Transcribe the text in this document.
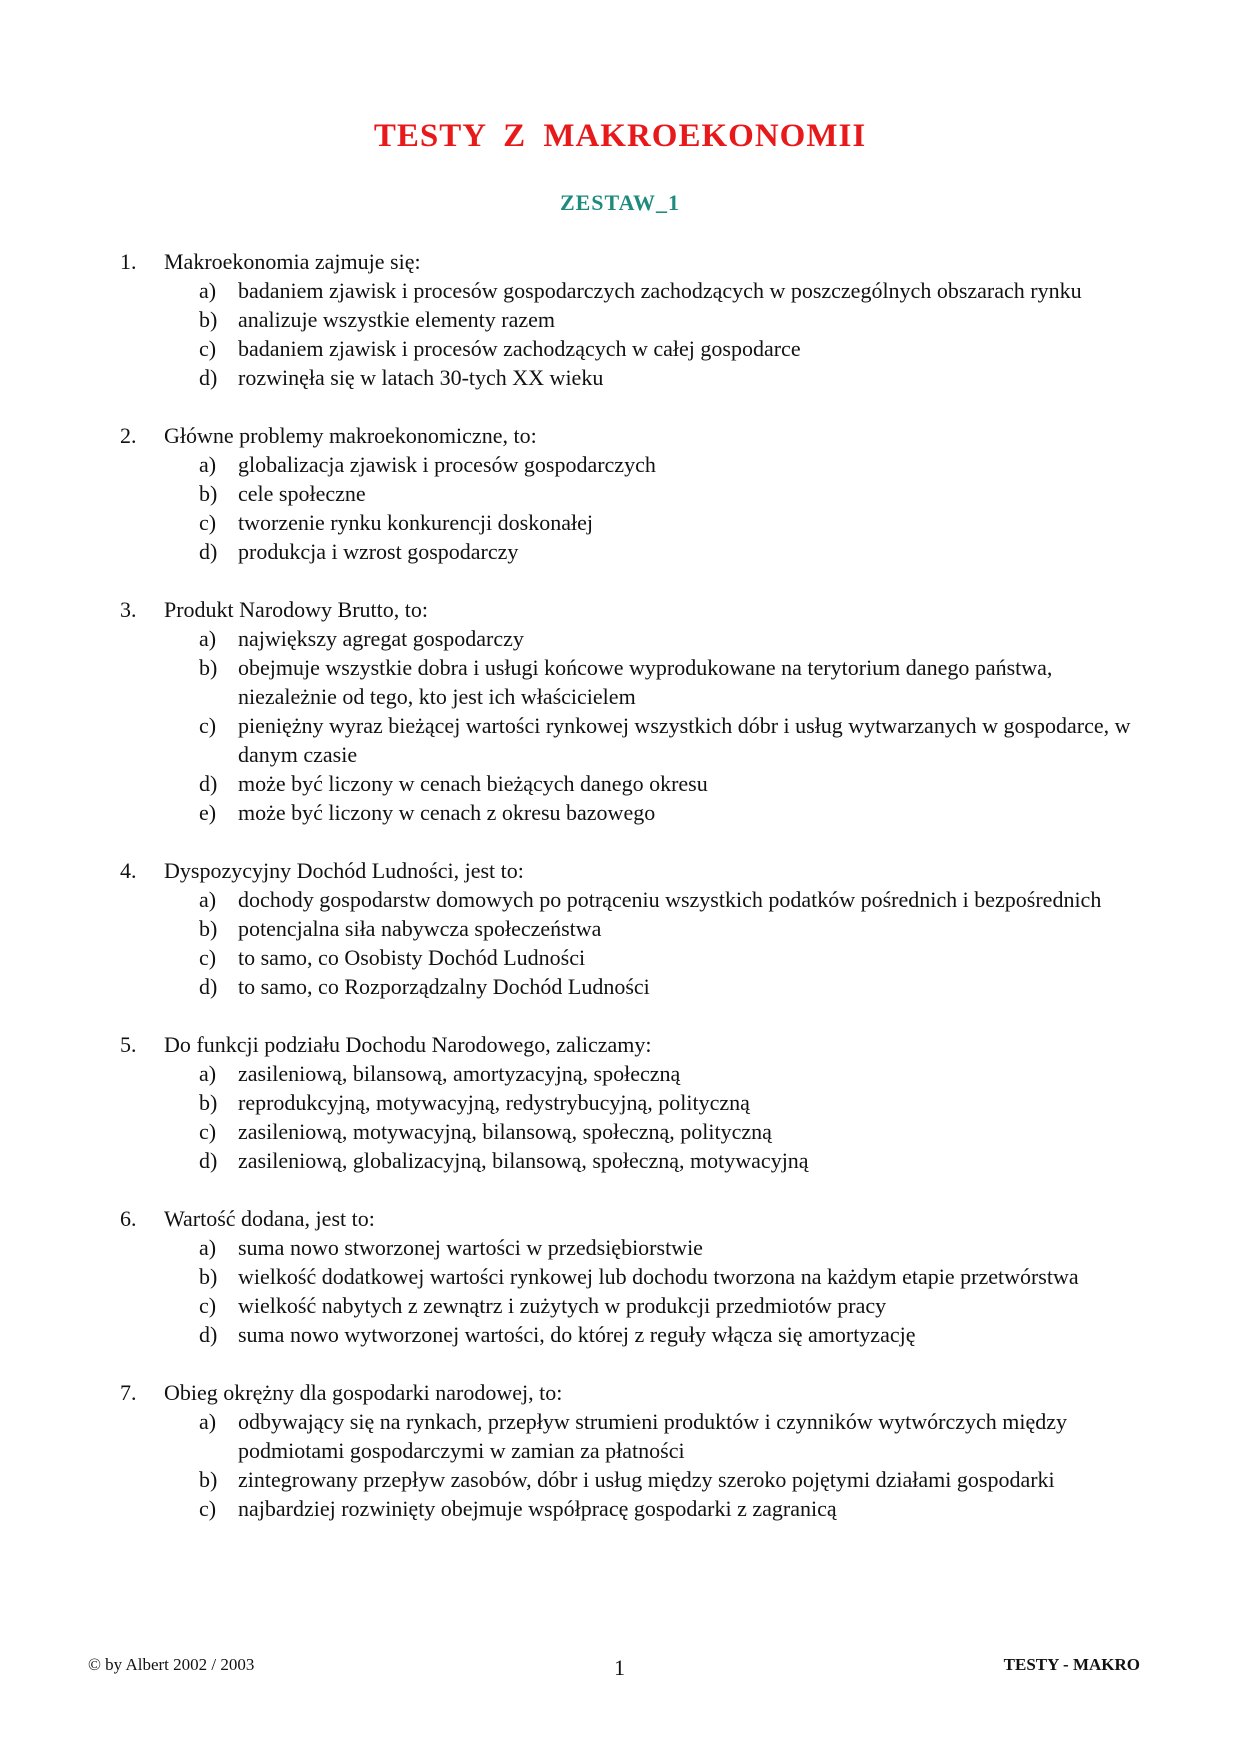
TESTY Z MAKROEKONOMII
ZESTAW_1
1.	Makroekonomia zajmuje się:
a) badaniem zjawisk i procesów gospodarczych zachodzących w poszczególnych obszarach rynku
b) analizuje wszystkie elementy razem
c) badaniem zjawisk i procesów zachodzących w całej gospodarce
d) rozwinęła się w latach 30-tych XX wieku
2.	Główne problemy makroekonomiczne, to:
a) globalizacja zjawisk i procesów gospodarczych
b) cele społeczne
c) tworzenie rynku konkurencji doskonałej
d) produkcja i wzrost gospodarczy
3.	Produkt Narodowy Brutto, to:
a) największy agregat gospodarczy
b) obejmuje wszystkie dobra i usługi końcowe wyprodukowane na terytorium danego państwa, niezależnie od tego, kto jest ich właścicielem
c) pieniężny wyraz bieżącej wartości rynkowej wszystkich dóbr i usług wytwarzanych w gospodarce, w danym czasie
d) może być liczony w cenach bieżących danego okresu
e) może być liczony w cenach z okresu bazowego
4.	Dyspozycyjny Dochód Ludności, jest to:
a) dochody gospodarstw domowych po potrąceniu wszystkich podatków pośrednich i bezpośrednich
b) potencjalna siła nabywcza społeczeństwa
c) to samo, co Osobisty Dochód Ludności
d) to samo, co Rozporządzalny Dochód Ludności
5.	Do funkcji podziału Dochodu Narodowego, zaliczamy:
a) zasileniową, bilansową, amortyzacyjną, społeczną
b) reprodukcyjną, motywacyjną, redystrybucyjną, polityczną
c) zasileniową, motywacyjną, bilansową, społeczną, polityczną
d) zasileniową, globalizacyjną, bilansową, społeczną, motywacyjną
6.	Wartość dodana, jest to:
a) suma nowo stworzonej wartości w przedsiębiorstwie
b) wielkość dodatkowej wartości rynkowej lub dochodu tworzona na każdym etapie przetwórstwa
c) wielkość nabytych z zewnątrz i zużytych w produkcji przedmiotów pracy
d) suma nowo wytworzonej wartości, do której z reguły włącza się amortyzację
7.	Obieg okrężny dla gospodarki narodowej, to:
a) odbywający się na rynkach, przepływ strumieni produktów i czynników wytwórczych między podmiotami gospodarczymi w zamian za płatności
b) zintegrowany przepływ zasobów, dóbr i usług między szeroko pojętymi działami gospodarki
c) najbardziej rozwinięty obejmuje współpracę gospodarki z zagranicą
© by Albert 2002 / 2003	1	TESTY - MAKRO
